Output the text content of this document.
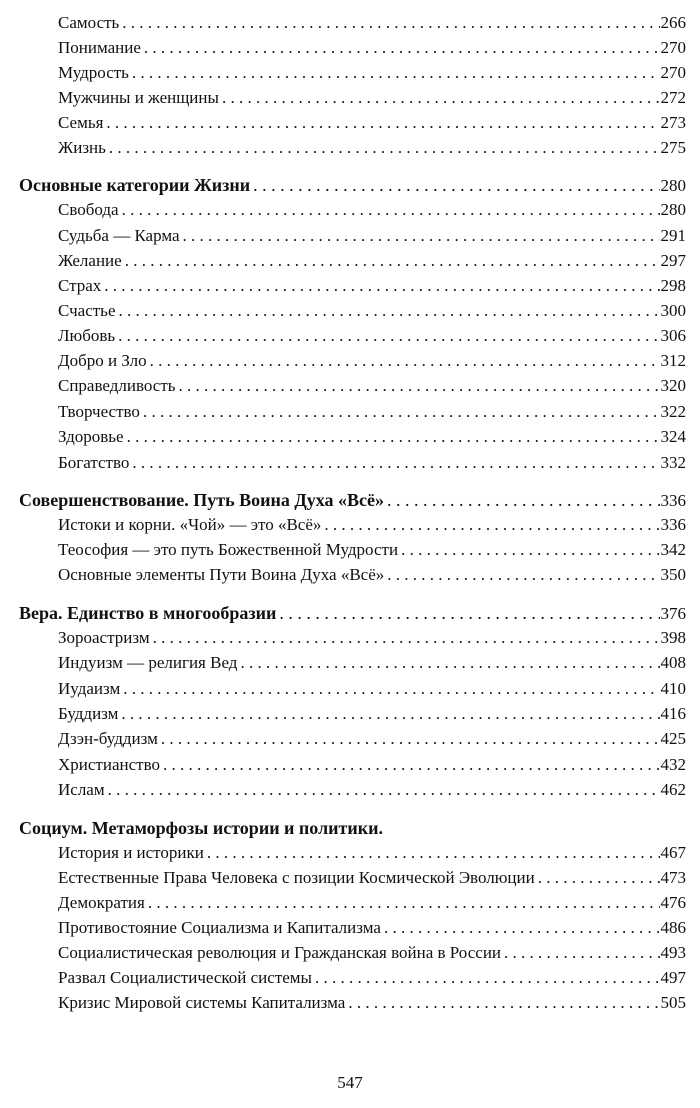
Самость . . .	266
Понимание . . .	270
Мудрость . . .	270
Мужчины и женщины . . .	272
Семья . . .	273
Жизнь . . .	275
Основные категории Жизни . . .	280
Свобода . . .	280
Судьба — Карма . . .	291
Желание . . .	297
Страх . . .	298
Счастье . . .	300
Любовь . . .	306
Добро и Зло . . .	312
Справедливость . . .	320
Творчество . . .	322
Здоровье . . .	324
Богатство . . .	332
Совершенствование. Путь Воина Духа «Всё» . . .	336
Истоки и корни. «Чой» — это «Всё» . . .	336
Теософия — это путь Божественной Мудрости . . .	342
Основные элементы Пути Воина Духа «Всё» . . .	350
Вера. Единство в многообразии . . .	376
Зороастризм . . .	398
Индуизм — религия Вед . . .	408
Иудаизм . . .	410
Буддизм . . .	416
Дзэн-буддизм . . .	425
Христианство . . .	432
Ислам . . .	462
Социум. Метаморфозы истории и политики.
История и историки . . .	467
Естественные Права Человека с позиции Космической Эволюции . . .	473
Демократия . . .	476
Противостояние Социализма и Капитализма . . .	486
Социалистическая революция и Гражданская война в России . . .	493
Развал Социалистической системы . . .	497
Кризис Мировой системы Капитализма . . .	505
547
